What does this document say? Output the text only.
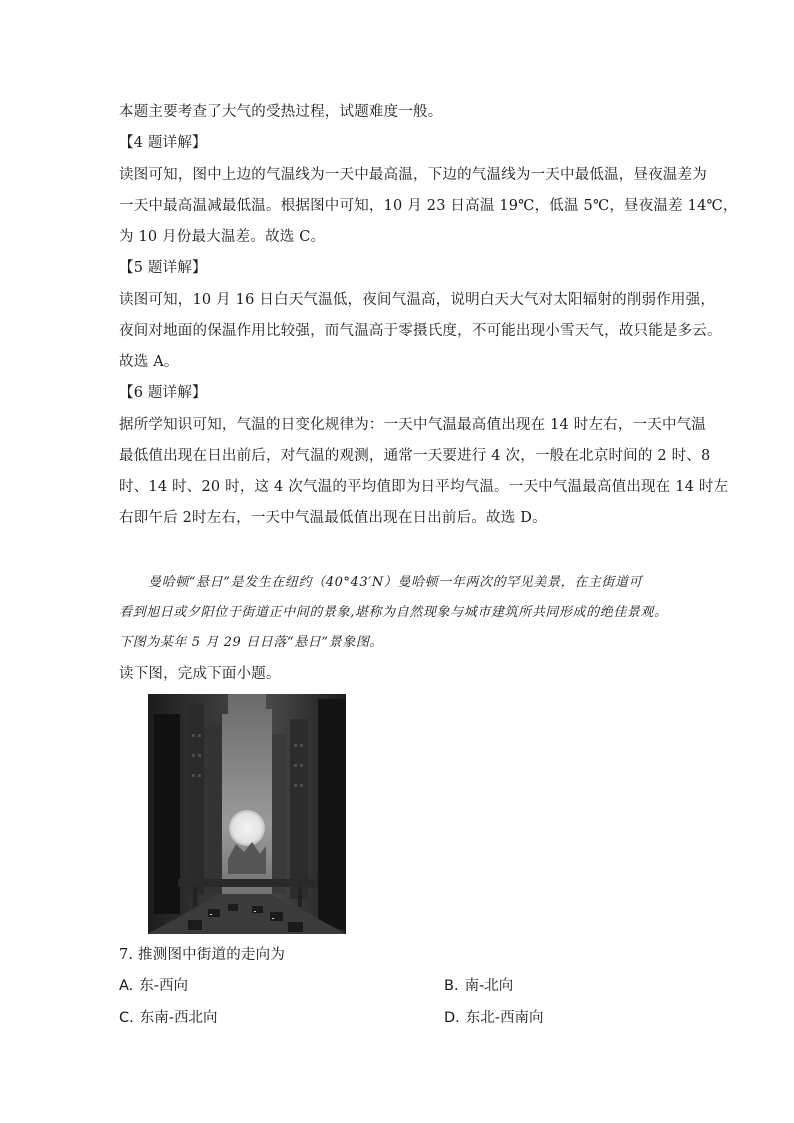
本题主要考查了大气的受热过程，试题难度一般。
【4 题详解】
读图可知，图中上边的气温线为一天中最高温，下边的气温线为一天中最低温，昼夜温差为
一天中最高温减最低温。根据图中可知，10 月 23 日高温 19℃，低温 5℃，昼夜温差 14℃，
为 10 月份最大温差。故选 C。
【5 题详解】
读图可知，10 月 16 日白天气温低，夜间气温高，说明白天大气对太阳辐射的削弱作用强，
夜间对地面的保温作用比较强，而气温高于零摄氏度，不可能出现小雪天气，故只能是多云。
故选 A。
【6 题详解】
据所学知识可知，气温的日变化规律为：一天中气温最高值出现在 14 时左右，一天中气温
最低值出现在日出前后，对气温的观测，通常一天要进行 4 次，一般在北京时间的 2 时、8
时、14 时、20 时，这 4 次气温的平均值即为日平均气温。一天中气温最高值出现在 14 时左
右即午后 2时左右，一天中气温最低值出现在日出前后。故选 D。
曼哈顿“悬日”是发生在纽约（40°43′N）曼哈顿一年两次的罕见美景，在主街道可
看到旭日或夕阳位于街道正中间的景象,堪称为自然现象与城市建筑所共同形成的绝佳景观。
下图为某年 5 月 29 日日落“悬日”景象图。
读下图，完成下面小题。
7. 推测图中街道的走向为
A. 东-西向	B. 南-北向
C. 东南-西北向	D. 东北-西南向
